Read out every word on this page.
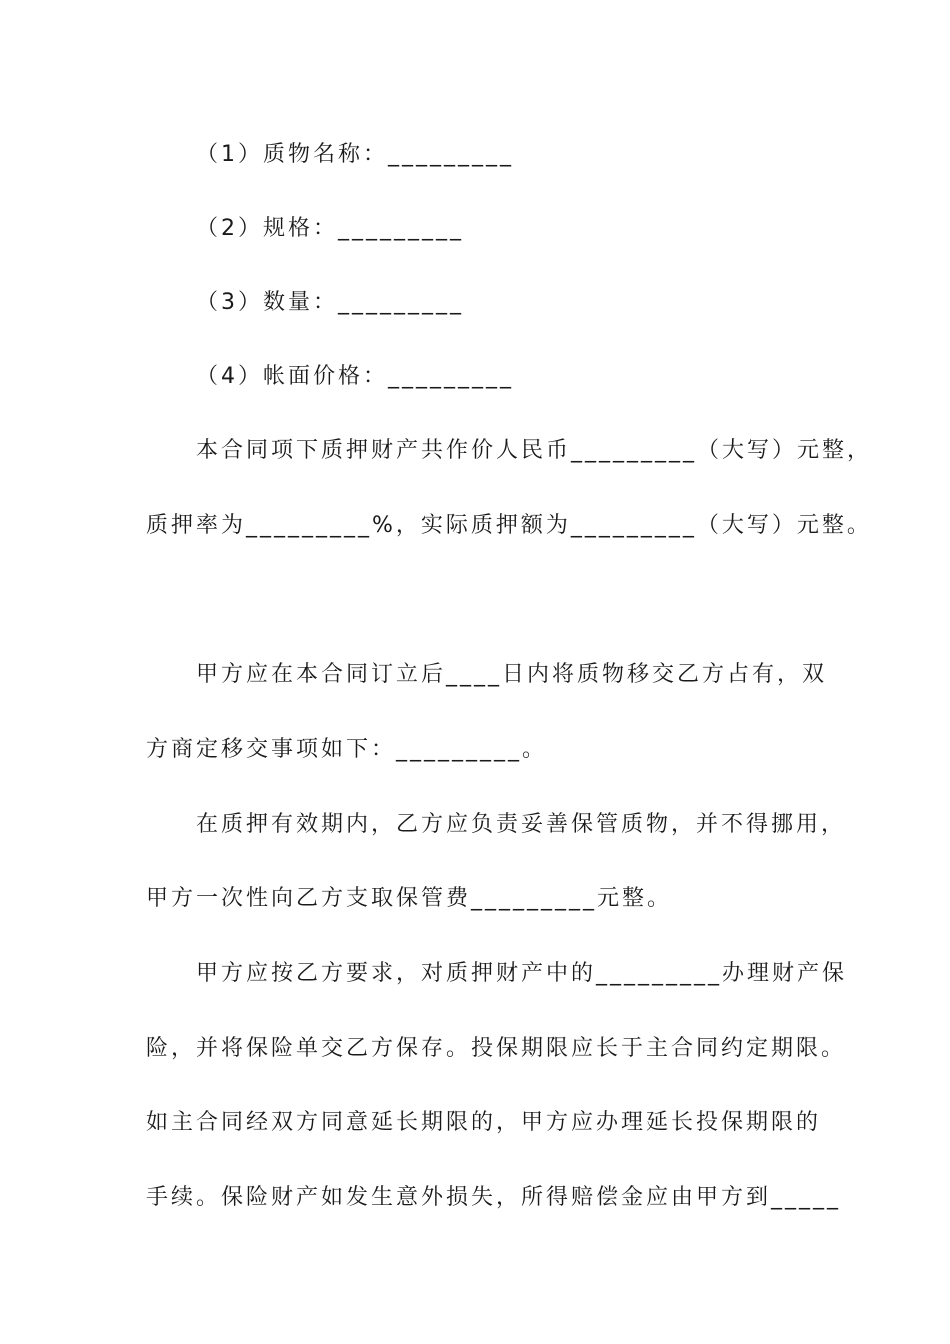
（1）质物名称：_________
（2）规格：_________
（3）数量：_________
（4）帐面价格：_________
本合同项下质押财产共作价人民币_________（大写）元整，
质押率为_________%，实际质押额为_________（大写）元整。
甲方应在本合同订立后____日内将质物移交乙方占有，双
方商定移交事项如下：_________。
在质押有效期内，乙方应负责妥善保管质物，并不得挪用，
甲方一次性向乙方支取保管费_________元整。
甲方应按乙方要求，对质押财产中的_________办理财产保
险，并将保险单交乙方保存。投保期限应长于主合同约定期限。
如主合同经双方同意延长期限的，甲方应办理延长投保期限的
手续。保险财产如发生意外损失，所得赔偿金应由甲方到_____
